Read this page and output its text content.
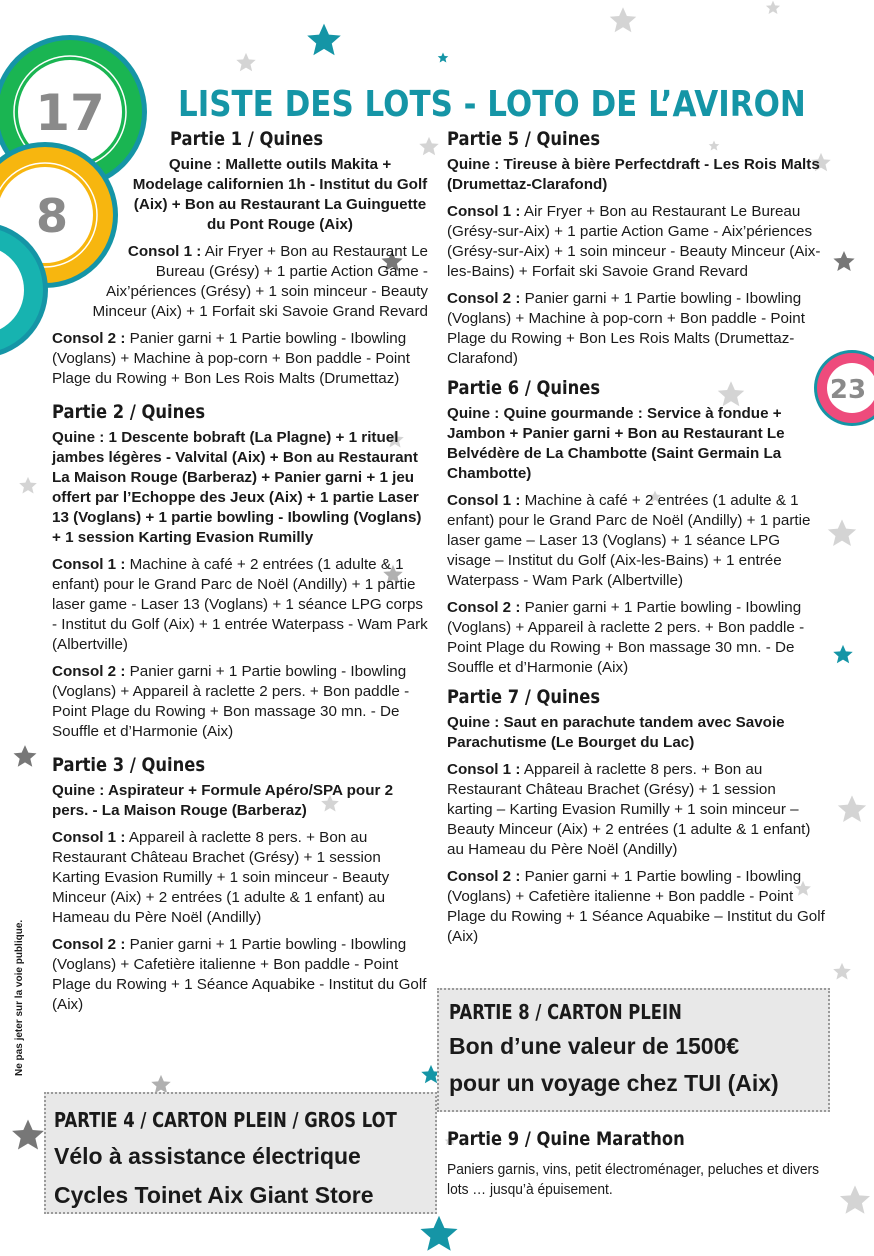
17
8
23
LISTE DES LOTS - LOTO DE L’AVIRON
Ne pas jeter sur la voie publique.
Partie 1 / Quines

Quine : Mallette outils Makita + Modelage californien 1h - Institut du Golf (Aix) + Bon au Restaurant La Guinguette du Pont Rouge (Aix)

Consol 1 : Air Fryer + Bon au Restaurant Le Bureau (Grésy) + 1 partie Action Game - Aix’périences (Grésy) + 1 soin minceur - Beauty Minceur (Aix) + 1 Forfait ski Savoie Grand Revard

Consol 2 : Panier garni + 1 Partie bowling - Ibowling (Voglans) + Machine à pop-corn + Bon paddle - Point Plage du Rowing + Bon Les Rois Malts (Drumettaz)

Partie 2 / Quines

Quine : 1 Descente bobraft (La Plagne) + 1 rituel jambes légères - Valvital (Aix) + Bon au Restaurant La Maison Rouge (Barberaz) + Panier garni + 1 jeu offert par l’Echoppe des Jeux (Aix) + 1 partie Laser 13 (Voglans) + 1 partie bowling - Ibowling (Voglans) + 1 session Karting Evasion Rumilly

Consol 1 : Machine à café + 2 entrées (1 adulte & 1 enfant) pour le Grand Parc de Noël (Andilly) + 1 partie laser game - Laser 13 (Voglans) + 1 séance LPG corps - Institut du Golf (Aix) + 1 entrée Waterpass - Wam Park (Albertville)

Consol 2 : Panier garni + 1 Partie bowling - Ibowling (Voglans) + Appareil à raclette 2 pers. + Bon paddle - Point Plage du Rowing + Bon massage 30 mn. - De Souffle et d’Harmonie (Aix)

Partie 3 / Quines

Quine : Aspirateur + Formule Apéro/SPA pour 2 pers. - La Maison Rouge (Barberaz)

Consol 1 : Appareil à raclette 8 pers. + Bon au Restaurant Château Brachet (Grésy) + 1 session Karting Evasion Rumilly + 1 soin minceur - Beauty Minceur (Aix) + 2 entrées (1 adulte & 1 enfant) au Hameau du Père Noël (Andilly)

Consol 2 : Panier garni + 1 Partie bowling - Ibowling (Voglans) + Cafetière italienne + Bon paddle - Point Plage du Rowing + 1 Séance Aquabike - Institut du Golf (Aix)

Partie 5 / Quines

Quine : Tireuse à bière Perfectdraft - Les Rois Malts (Drumettaz-Clarafond)

Consol 1 : Air Fryer + Bon au Restaurant Le Bureau (Grésy-sur-Aix) + 1 partie Action Game - Aix’périences (Grésy-sur-Aix) + 1 soin minceur - Beauty Minceur (Aix-les-Bains) + Forfait ski Savoie Grand Revard

Consol 2 : Panier garni + 1 Partie bowling - Ibowling (Voglans) + Machine à pop-corn + Bon paddle - Point Plage du Rowing + Bon Les Rois Malts (Drumettaz-Clarafond)

Partie 6 / Quines

Quine : Quine gourmande : Service à fondue + Jambon + Panier garni + Bon au Restaurant Le Belvédère de La Chambotte (Saint Germain La Chambotte)

Consol 1 : Machine à café + 2 entrées (1 adulte & 1 enfant) pour le Grand Parc de Noël (Andilly) + 1 partie laser game – Laser 13 (Voglans) + 1 séance LPG visage – Institut du Golf (Aix-les-Bains) + 1 entrée Waterpass - Wam Park (Albertville)

Consol 2 : Panier garni + 1 Partie bowling - Ibowling (Voglans) + Appareil à raclette 2 pers. + Bon paddle - Point Plage du Rowing + Bon massage 30 mn. - De Souffle et d’Harmonie (Aix)

Partie 7 / Quines

Quine : Saut en parachute tandem avec Savoie Parachutisme (Le Bourget du Lac)

Consol 1 : Appareil à raclette 8 pers. + Bon au Restaurant Château Brachet (Grésy) + 1 session karting – Karting Evasion Rumilly + 1 soin minceur – Beauty Minceur (Aix) + 2 entrées (1 adulte & 1 enfant) au Hameau du Père Noël (Andilly)

Consol 2 : Panier garni + 1 Partie bowling - Ibowling (Voglans) + Cafetière italienne + Bon paddle - Point Plage du Rowing + 1 Séance Aquabike – Institut du Golf (Aix)

PARTIE 8 / CARTON PLEIN
Bon d’une valeur de 1500€
pour un voyage chez TUI (Aix)
PARTIE 4 / CARTON PLEIN / GROS LOT
Vélo à assistance électrique
Cycles Toinet Aix Giant Store
Partie 9 / Quine Marathon

Paniers garnis, vins, petit électroménager, peluches et divers lots … jusqu’à épuisement.
